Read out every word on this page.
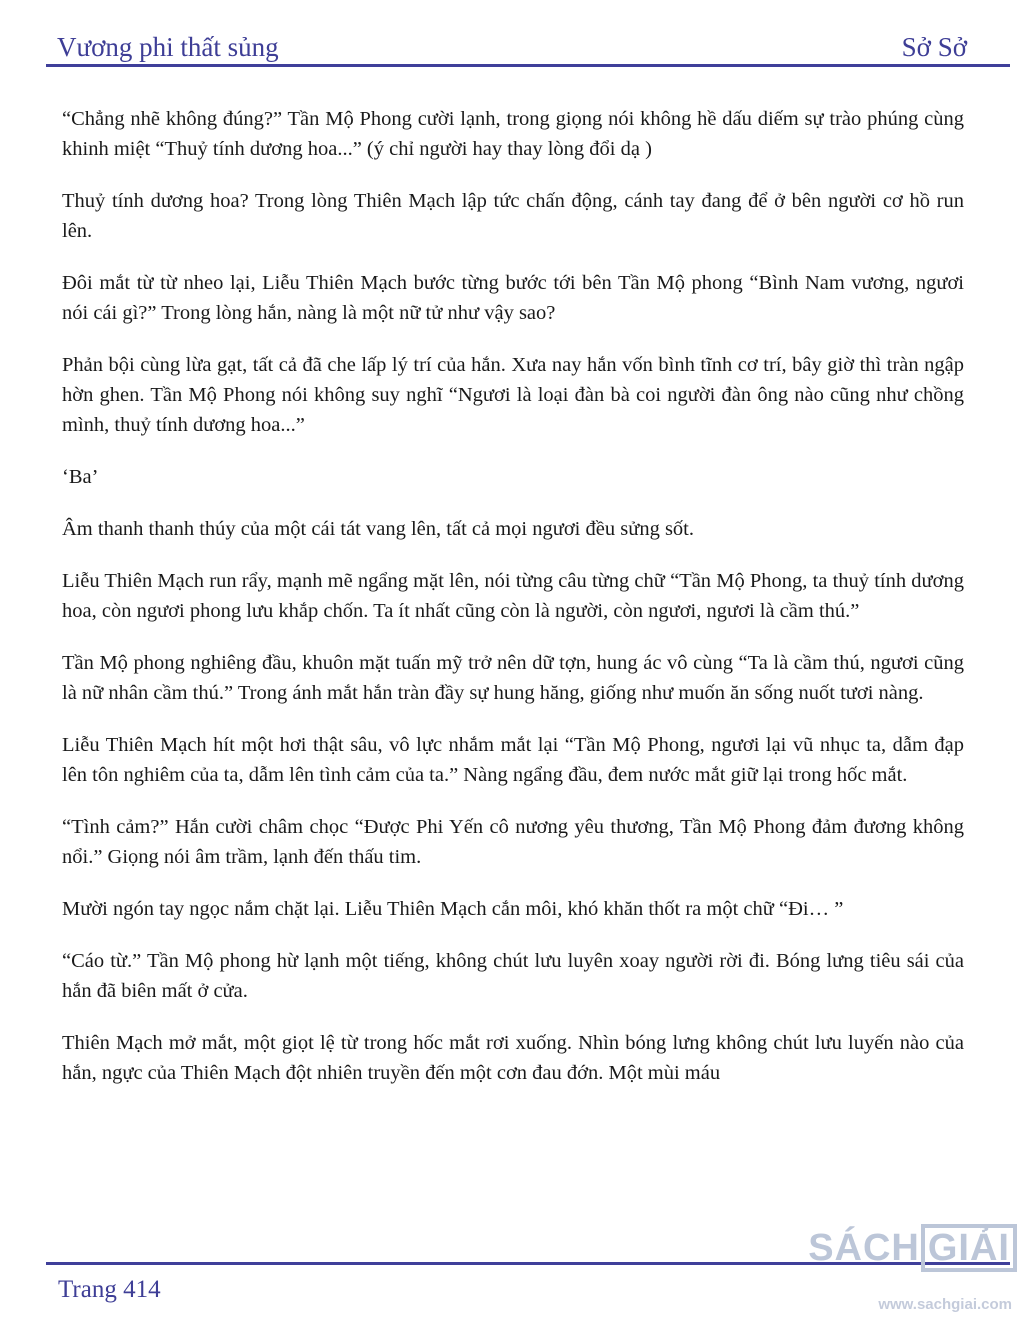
Vương phi thất sủng	Sở Sở

“Chẳng nhẽ không đúng?” Tần Mộ Phong cười lạnh, trong giọng nói không hề dấu diếm sự trào phúng cùng khinh miệt “Thuỷ tính dương hoa...” (ý chỉ người hay thay lòng đổi dạ )

Thuỷ tính dương hoa? Trong lòng Thiên Mạch lập tức chấn động, cánh tay đang để ở bên người cơ hồ run lên.

Đôi mắt từ từ nheo lại, Liễu Thiên Mạch bước từng bước tới bên Tần Mộ phong “Bình Nam vương, ngươi nói cái gì?” Trong lòng hắn, nàng là một nữ tử như vậy sao?

Phản bội cùng lừa gạt, tất cả đã che lấp lý trí của hắn. Xưa nay hắn vốn bình tĩnh cơ trí, bây giờ thì tràn ngập hờn ghen. Tần Mộ Phong nói không suy nghĩ “Ngươi là loại đàn bà coi người đàn ông nào cũng như chồng mình, thuỷ tính dương hoa...”

‘Ba’

Âm thanh thanh thúy của một cái tát vang lên, tất cả mọi ngươi đều sửng sốt.

Liễu Thiên Mạch run rẩy, mạnh mẽ ngẩng mặt lên, nói từng câu từng chữ “Tần Mộ Phong, ta thuỷ tính dương hoa, còn ngươi phong lưu khắp chốn. Ta ít nhất cũng còn là người, còn ngươi, ngươi là cầm thú.”

Tần Mộ phong nghiêng đầu, khuôn mặt tuấn mỹ trở nên dữ tợn, hung ác vô cùng “Ta là cầm thú, ngươi cũng là nữ nhân cầm thú.” Trong ánh mắt hắn tràn đầy sự hung hăng, giống như muốn ăn sống nuốt tươi nàng.

Liễu Thiên Mạch hít một hơi thật sâu, vô lực nhắm mắt lại “Tần Mộ Phong, ngươi lại vũ nhục ta, dẫm đạp lên tôn nghiêm của ta, dẫm lên tình cảm của ta.” Nàng ngẩng đầu, đem nước mắt giữ lại trong hốc mắt.

“Tình cảm?” Hắn cười châm chọc “Được Phi Yến cô nương yêu thương, Tần Mộ Phong đảm đương không nổi.” Giọng nói âm trầm, lạnh đến thấu tim.

Mười ngón tay ngọc nắm chặt lại. Liễu Thiên Mạch cắn môi, khó khăn thốt ra một chữ “Đi… ”

“Cáo từ.” Tần Mộ phong hừ lạnh một tiếng, không chút lưu luyên xoay người rời đi. Bóng lưng tiêu sái của hắn đã biên mất ở cửa.

Thiên Mạch mở mắt, một giọt lệ từ trong hốc mắt rơi xuống. Nhìn bóng lưng không chút lưu luyến nào của hắn, ngực của Thiên Mạch đột nhiên truyền đến một cơn đau đớn. Một mùi máu

Trang 414
SÁCH GIẢI
www.sachgiai.com
